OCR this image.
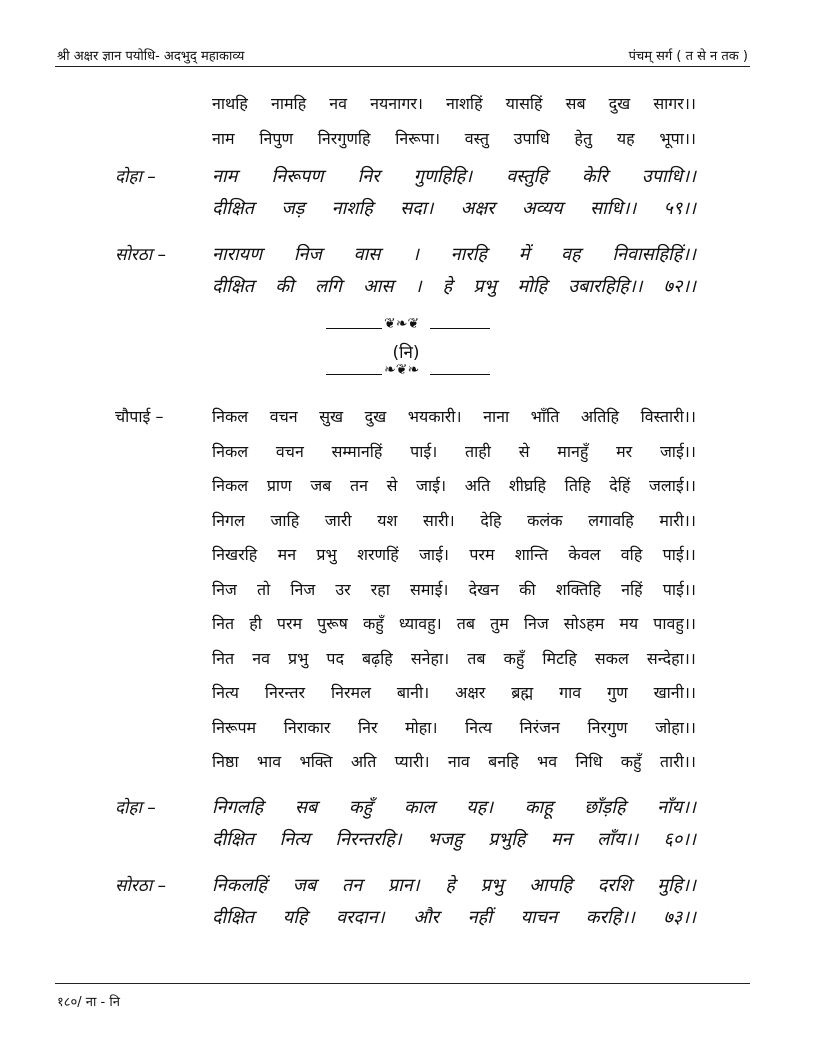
श्री अक्षर ज्ञान पयोधि- अदभुद् महाकाव्य	पंचम् सर्ग ( त से न तक )
नाथहि नामहि नव नयनागर। नाशहिं यासहिं सब दुख सागर।।
नाम निपुण निरगुणहि निरूपा। वस्तु उपाधि हेतु यह भूपा।।
दोहा –	नाम निरूपण निर गुणहिहि। वस्तुहि केरि उपाधि।।
दीक्षित जड़ नाशहि सदा। अक्षर अव्यय साधि।। ५९।।
सोरठा –	नारायण निज वास । नारहि में वह निवासहिहिं।।
दीक्षित की लगि आस । हे प्रभु मोहि उबारहिहि।। ७२।।
चौपाई –	निकल वचन सुख दुख भयकारी। नाना भाँति अतिहि विस्तारी।।
निकल वचन सम्मानहिं पाई। ताही से मानहुँ मर जाई।।
निकल प्राण जब तन से जाई। अति शीघ्रहि तिहि देहिं जलाई।।
निगल जाहि जारी यश सारी। देहि कलंक लगावहि मारी।।
निखरहि मन प्रभु शरणहिं जाई। परम शान्ति केवल वहि पाई।।
निज तो निज उर रहा समाई। देखन की शक्तिहि नहिं पाई।।
नित ही परम पुरूष कहुँ ध्यावहु। तब तुम निज सोऽहम मय पावहु।।
नित नव प्रभु पद बढ़हि सनेहा। तब कहुँ मिटहि सकल सन्देहा।।
नित्य निरन्तर निरमल बानी। अक्षर ब्रह्म गाव गुण खानी।।
निरूपम निराकार निर मोहा। नित्य निरंजन निरगुण जोहा।।
निष्ठा भाव भक्ति अति प्यारी। नाव बनहि भव निधि कहुँ तारी।।
दोहा –	निगलहि सब कहुँ काल यह। काहू छाँड़हि नाँय।।
दीक्षित नित्य निरन्तरहि। भजहु प्रभुहि मन लाँय।। ६०।।
सोरठा –	निकलहिं जब तन प्रान। हे प्रभु आपहि दरशि मुहि।।
दीक्षित यहि वरदान। और नहीं याचन करहि।। ७३।।
❦❧❦
(नि)
❧❦❧
१८०/ ना - नि
